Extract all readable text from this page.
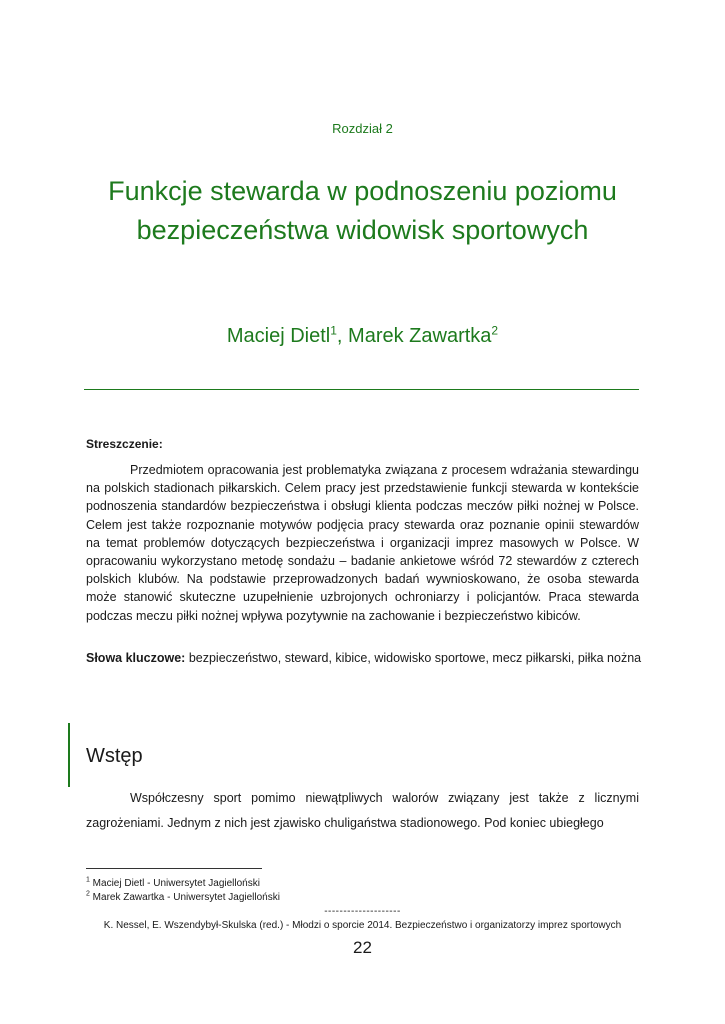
Rozdział 2
Funkcje stewarda w podnoszeniu poziomu bezpieczeństwa widowisk sportowych
Maciej Dietl$^1$, Marek Zawartka$^2$
Streszczenie:

Przedmiotem opracowania jest problematyka związana z procesem wdrażania stewardingu na polskich stadionach piłkarskich. Celem pracy jest przedstawienie funkcji stewarda w kontekście podnoszenia standardów bezpieczeństwa i obsługi klienta podczas meczów piłki nożnej w Polsce. Celem jest także rozpoznanie motywów podjęcia pracy stewarda oraz poznanie opinii stewardów na temat problemów dotyczących bezpieczeństwa i organizacji imprez masowych w Polsce. W opracowaniu wykorzystano metodę sondażu – badanie ankietowe wśród 72 stewardów z czterech polskich klubów. Na podstawie przeprowadzonych badań wywnioskowano, że osoba stewarda może stanowić skuteczne uzupełnienie uzbrojonych ochroniarzy i policjantów. Praca stewarda podczas meczu piłki nożnej wpływa pozytywnie na zachowanie i bezpieczeństwo kibiców.

Słowa kluczowe: bezpieczeństwo, steward, kibice, widowisko sportowe, mecz piłkarski, piłka nożna

Wstęp

Współczesny sport pomimo niewątpliwych walorów związany jest także z licznymi zagrożeniami. Jednym z nich jest zjawisko chuligaństwa stadionowego. Pod koniec ubiegłego

$^1$ Maciej Dietl - Uniwersytet Jagielloński
$^2$ Marek Zawartka - Uniwersytet Jagielloński
--------------------
K. Nessel, E. Wszendybył-Skulska (red.) - Młodzi o sporcie 2014. Bezpieczeństwo i organizatorzy imprez sportowych
22
